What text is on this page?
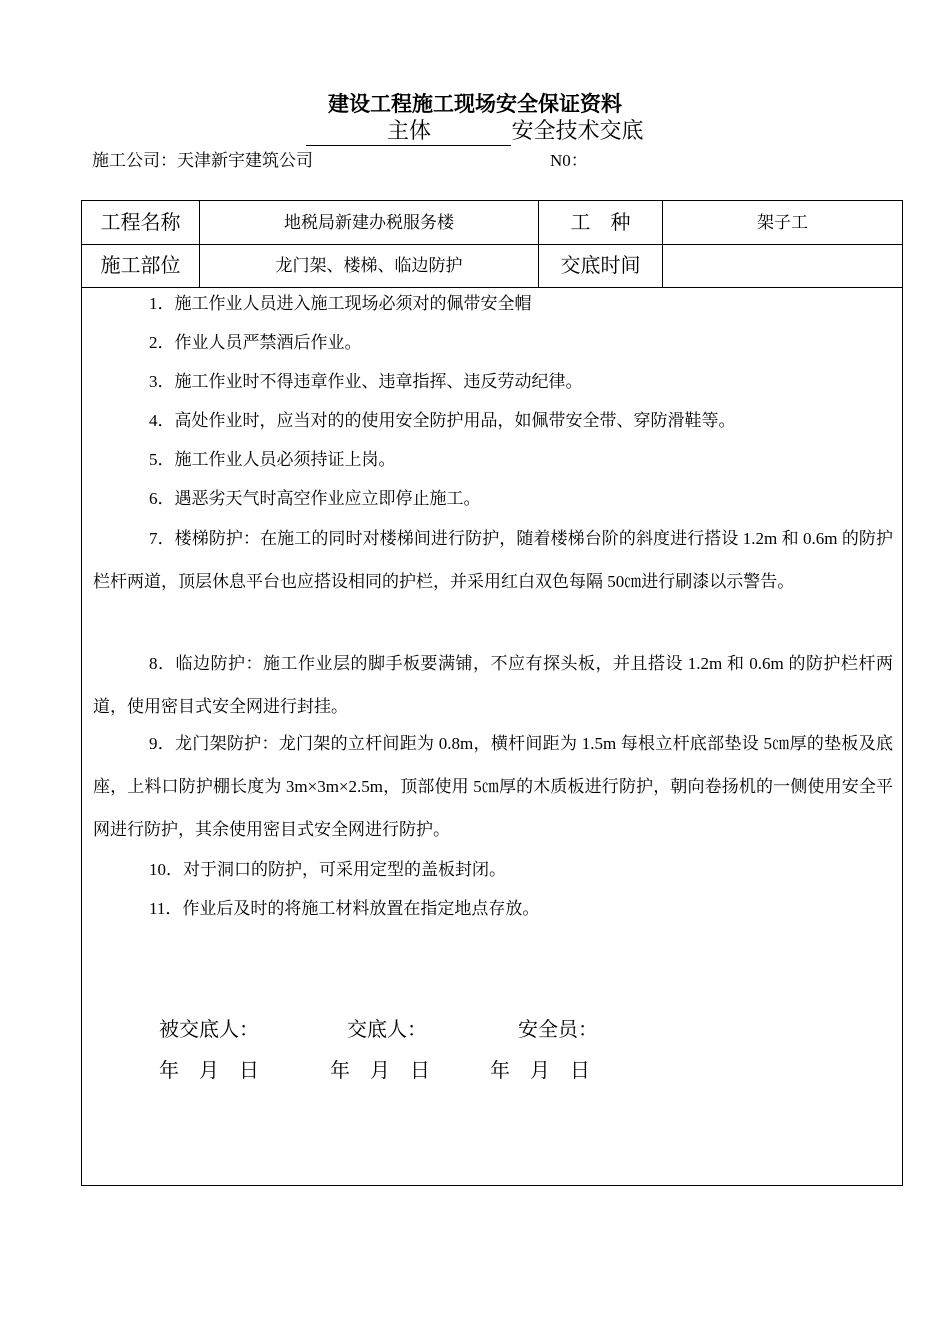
建设工程施工现场安全保证资料
主体	安全技术交底
施工公司：天津新宇建筑公司	N0：
工程名称	地税局新建办税服务楼	工　种	架子工
施工部位	龙门架、楼梯、临边防护	交底时间
1．施工作业人员进入施工现场必须对的佩带安全帽
2．作业人员严禁酒后作业。
3．施工作业时不得违章作业、违章指挥、违反劳动纪律。
4．高处作业时，应当对的的使用安全防护用品，如佩带安全带、穿防滑鞋等。
5．施工作业人员必须持证上岗。
6．遇恶劣天气时高空作业应立即停止施工。
7．楼梯防护：在施工的同时对楼梯间进行防护，随着楼梯台阶的斜度进行搭设 1.2m 和 0.6m 的防护栏杆两道，顶层休息平台也应搭设相同的护栏，并采用红白双色每隔 50㎝进行刷漆以示警告。
8．临边防护：施工作业层的脚手板要满铺，不应有探头板，并且搭设 1.2m 和 0.6m 的防护栏杆两道，使用密目式安全网进行封挂。
9．龙门架防护：龙门架的立杆间距为 0.8m，横杆间距为 1.5m 每根立杆底部垫设 5㎝厚的垫板及底座，上料口防护棚长度为 3m×3m×2.5m，顶部使用 5㎝厚的木质板进行防护，朝向卷扬机的一侧使用安全平网进行防护，其余使用密目式安全网进行防护。
10．对于洞口的防护，可采用定型的盖板封闭。
11．作业后及时的将施工材料放置在指定地点存放。
被交底人：	交底人：	安全员：
年　月　日	年　月　日	年　月　日
